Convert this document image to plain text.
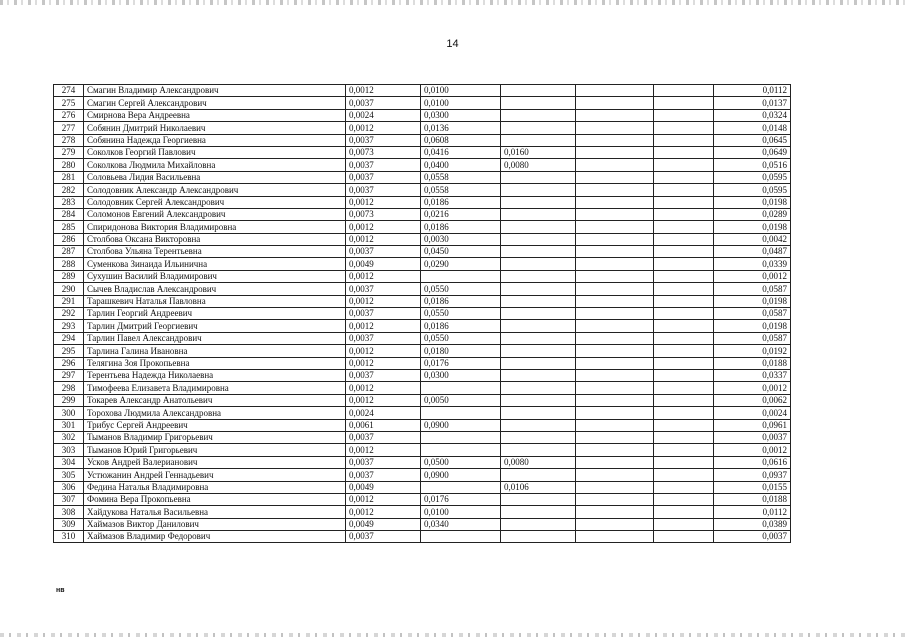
14
274	Смагин Владимир Александрович	0,0012	0,0100				0,0112
275	Смагин Сергей Александрович	0,0037	0,0100				0,0137
276	Смирнова Вера Андреевна	0,0024	0,0300				0,0324
277	Собянин Дмитрий Николаевич	0,0012	0,0136				0,0148
278	Собянина Надежда Георгиевна	0,0037	0,0608				0,0645
279	Соколков Георгий Павлович	0,0073	0,0416	0,0160			0,0649
280	Соколкова Людмила Михайловна	0,0037	0,0400	0,0080			0,0516
281	Соловьева Лидия Васильевна	0,0037	0,0558				0,0595
282	Солодовник Александр Александрович	0,0037	0,0558				0,0595
283	Солодовник Сергей Александрович	0,0012	0,0186				0,0198
284	Соломонов Евгений Александрович	0,0073	0,0216				0,0289
285	Спиридонова Виктория Владимировна	0,0012	0,0186				0,0198
286	Столбова Оксана Викторовна	0,0012	0,0030				0,0042
287	Столбова Ульяна Терентьевна	0,0037	0,0450				0,0487
288	Суменкова Зинаида Ильинична	0,0049	0,0290				0,0339
289	Сухушин Василий Владимирович	0,0012					0,0012
290	Сычев Владислав Александрович	0,0037	0,0550				0,0587
291	Тарашкевич Наталья Павловна	0,0012	0,0186				0,0198
292	Тарлин Георгий Андреевич	0,0037	0,0550				0,0587
293	Тарлин Дмитрий Георгиевич	0,0012	0,0186				0,0198
294	Тарлин Павел Александрович	0,0037	0,0550				0,0587
295	Тарлина Галина Ивановна	0,0012	0,0180				0,0192
296	Телягина Зоя Прокопьевна	0,0012	0,0176				0,0188
297	Терентьева Надежда Николаевна	0,0037	0,0300				0,0337
298	Тимофеева Елизавета Владимировна	0,0012					0,0012
299	Токарев Александр Анатольевич	0,0012	0,0050				0,0062
300	Торохова Людмила Александровна	0,0024					0,0024
301	Трибус Сергей Андреевич	0,0061	0,0900				0,0961
302	Тыманов Владимир Григорьевич	0,0037					0,0037
303	Тыманов Юрий Григорьевич	0,0012					0,0012
304	Усков Андрей Валерианович	0,0037	0,0500	0,0080			0,0616
305	Устюжанин Андрей Геннадьевич	0,0037	0,0900				0,0937
306	Федина Наталья Владимировна	0,0049		0,0106			0,0155
307	Фомина Вера Прокопьевна	0,0012	0,0176				0,0188
308	Хайдукова Наталья Васильевна	0,0012	0,0100				0,0112
309	Хаймазов Виктор Данилович	0,0049	0,0340				0,0389
310	Хаймазов Владимир Федорович	0,0037					0,0037
нв
